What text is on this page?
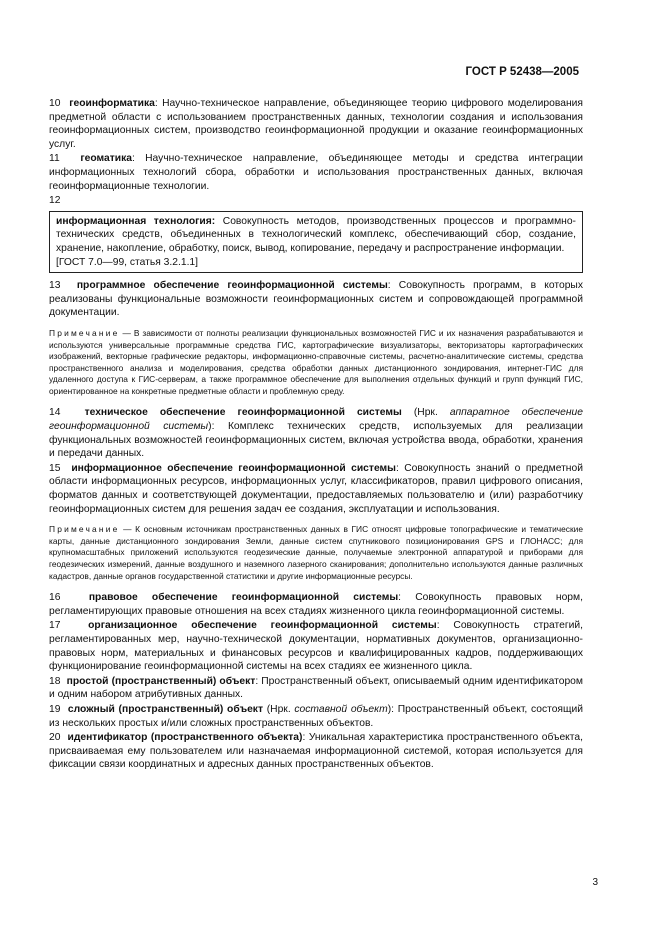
ГОСТ Р 52438—2005

10 геоинформатика: Научно-техническое направление, объединяющее теорию цифрового моделирования предметной области с использованием пространственных данных, технологии создания и использования геоинформационных систем, производство геоинформационной продукции и оказание геоинформационных услуг.

11 геоматика: Научно-техническое направление, объединяющее методы и средства интеграции информационных технологий сбора, обработки и использования пространственных данных, включая геоинформационные технологии.

12

информационная технология: Совокупность методов, производственных процессов и программно-технических средств, объединенных в технологический комплекс, обеспечивающий сбор, создание, хранение, накопление, обработку, поиск, вывод, копирование, передачу и распространение информации.

[ГОСТ 7.0—99, статья 3.2.1.1]

13 программное обеспечение геоинформационной системы: Совокупность программ, в которых реализованы функциональные возможности геоинформационных систем и сопровождающей программной документации.

Примечание — В зависимости от полноты реализации функциональных возможностей ГИС и их назначения разрабатываются и используются универсальные программные средства ГИС, картографические визуализаторы, векторизаторы картографических изображений, векторные графические редакторы, информационно-справочные системы, расчетно-аналитические системы, средства пространственного анализа и моделирования, средства обработки данных дистанционного зондирования, интернет-ГИС для удаленного доступа к ГИС-серверам, а также программное обеспечение для выполнения отдельных функций и групп функций ГИС, ориентированное на конкретные предметные области и проблемную среду.

14 техническое обеспечение геоинформационной системы (Нрк. аппаратное обеспечение геоинформационной системы): Комплекс технических средств, используемых для реализации функциональных возможностей геоинформационных систем, включая устройства ввода, обработки, хранения и передачи данных.

15 информационное обеспечение геоинформационной системы: Совокупность знаний о предметной области информационных ресурсов, информационных услуг, классификаторов, правил цифрового описания, форматов данных и соответствующей документации, предоставляемых пользователю и (или) разработчику геоинформационных систем для решения задач ее создания, эксплуатации и использования.

Примечание — К основным источникам пространственных данных в ГИС относят цифровые топографические и тематические карты, данные дистанционного зондирования Земли, данные систем спутникового позиционирования GPS и ГЛОНАСС; для крупномасштабных приложений используются геодезические данные, получаемые электронной аппаратурой и приборами для геодезических измерений, данные воздушного и наземного лазерного сканирования; дополнительно используются данные различных кадастров, данные органов государственной статистики и другие информационные ресурсы.

16	правовое обеспечение геоинформационной системы: Совокупность правовых норм, регламентирующих правовые отношения на всех стадиях жизненного цикла геоинформационной системы.

17	организационное обеспечение геоинформационной системы: Совокупность стратегий, регламентированных мер, научно-технической документации, нормативных документов, организационно-правовых норм, материальных и финансовых ресурсов и квалифицированных кадров, поддерживающих функционирование геоинформационной системы на всех стадиях ее жизненного цикла.

18 простой (пространственный) объект: Пространственный объект, описываемый одним идентификатором и одним набором атрибутивных данных.

19 сложный (пространственный) объект (Нрк. составной объект): Пространственный объект, состоящий из нескольких простых и/или сложных пространственных объектов.

20 идентификатор (пространственного объекта): Уникальная характеристика пространственного объекта, присваиваемая ему пользователем или назначаемая информационной системой, которая используется для фиксации связи координатных и адресных данных пространственных объектов.

3
